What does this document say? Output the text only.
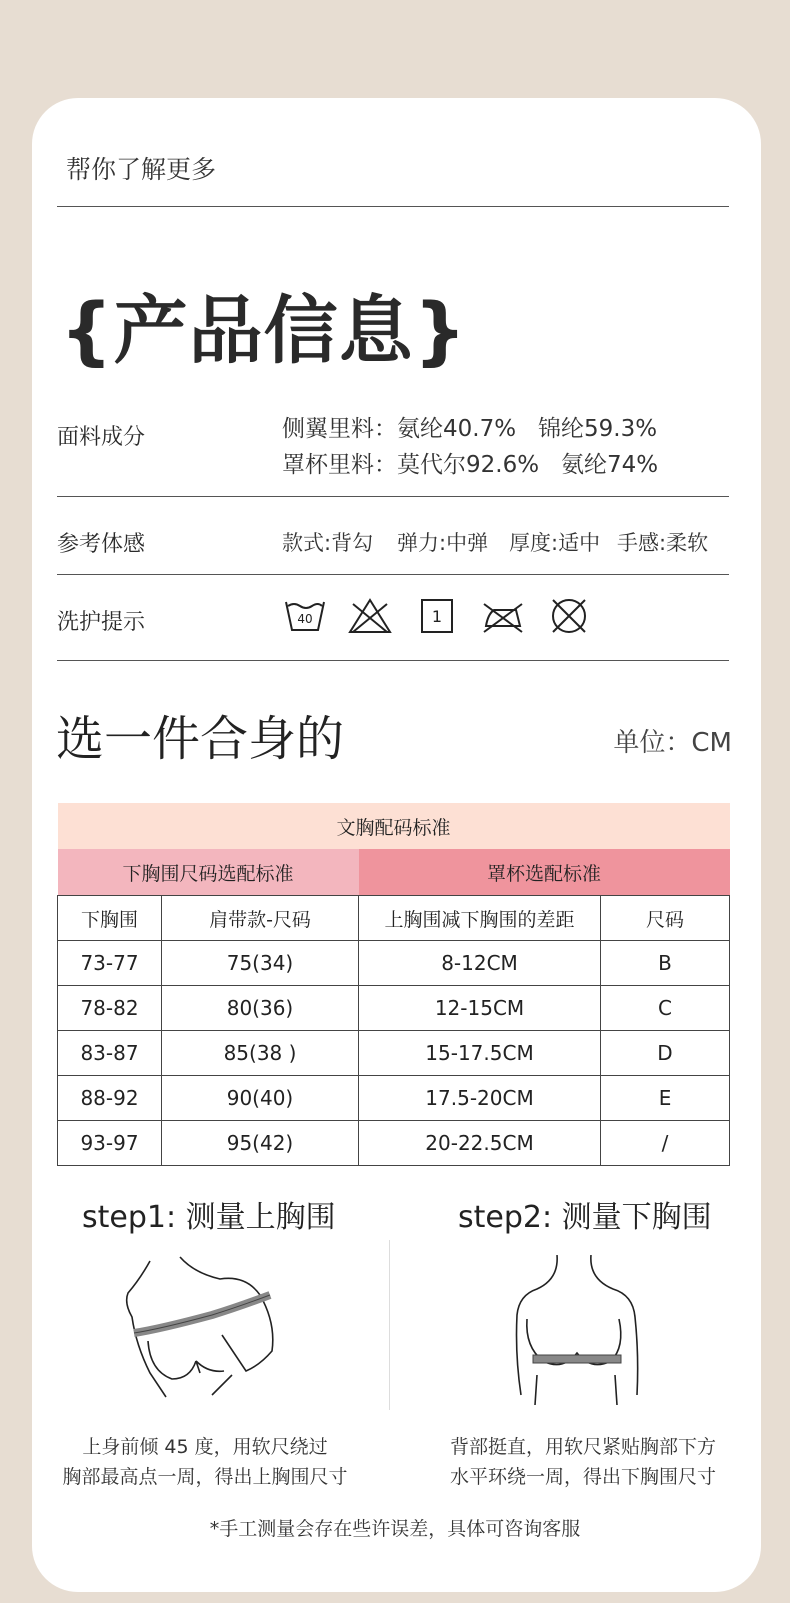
帮你了解更多
{产品信息}
面料成分	侧翼里料：氨纶40.7%   锦纶59.3%
罩杯里料：莫代尔92.6%   氨纶74%
参考体感	款式:背勾 弹力:中弹 厚度:适中 手感:柔软
洗护提示	40	1
选一件合身的	单位：CM
文胸配码标准			
下胸围尺码选配标准		罩杯选配标准	
下胸围	肩带款-尺码	上胸围减下胸围的差距	尺码
73-77	75(34)	8-12CM	B
78-82	80(36)	12-15CM	C
83-87	85(38 )	15-17.5CM	D
88-92	90(40)	17.5-20CM	E
93-97	95(42)	20-22.5CM	/
step1: 测量上胸围	step2: 测量下胸围
上身前倾 45 度，用软尺绕过
胸部最高点一周，得出上胸围尺寸
背部挺直，用软尺紧贴胸部下方
水平环绕一周，得出下胸围尺寸
*手工测量会存在些许误差，具体可咨询客服
